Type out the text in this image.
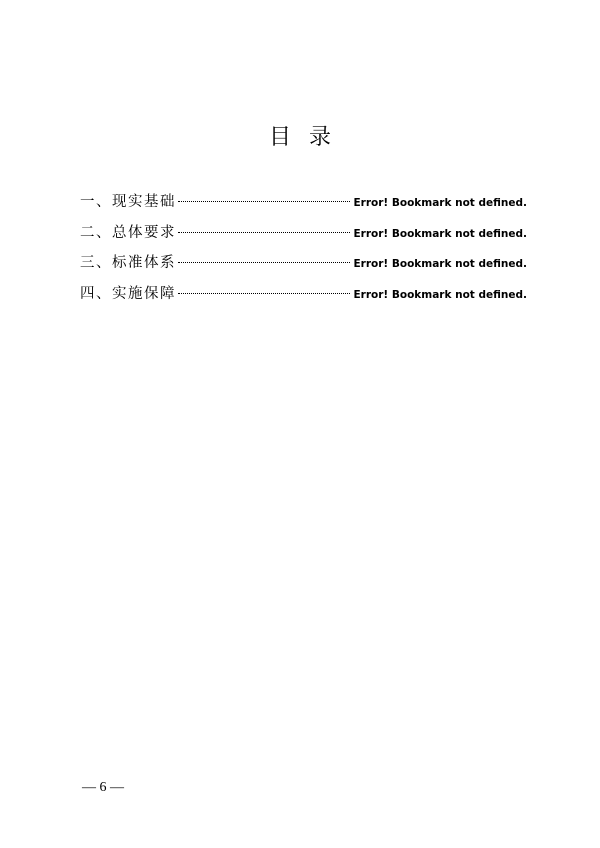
目录
一、现实基础	Error! Bookmark not defined.
二、总体要求	Error! Bookmark not defined.
三、标准体系	Error! Bookmark not defined.
四、实施保障	Error! Bookmark not defined.
— 6 —
